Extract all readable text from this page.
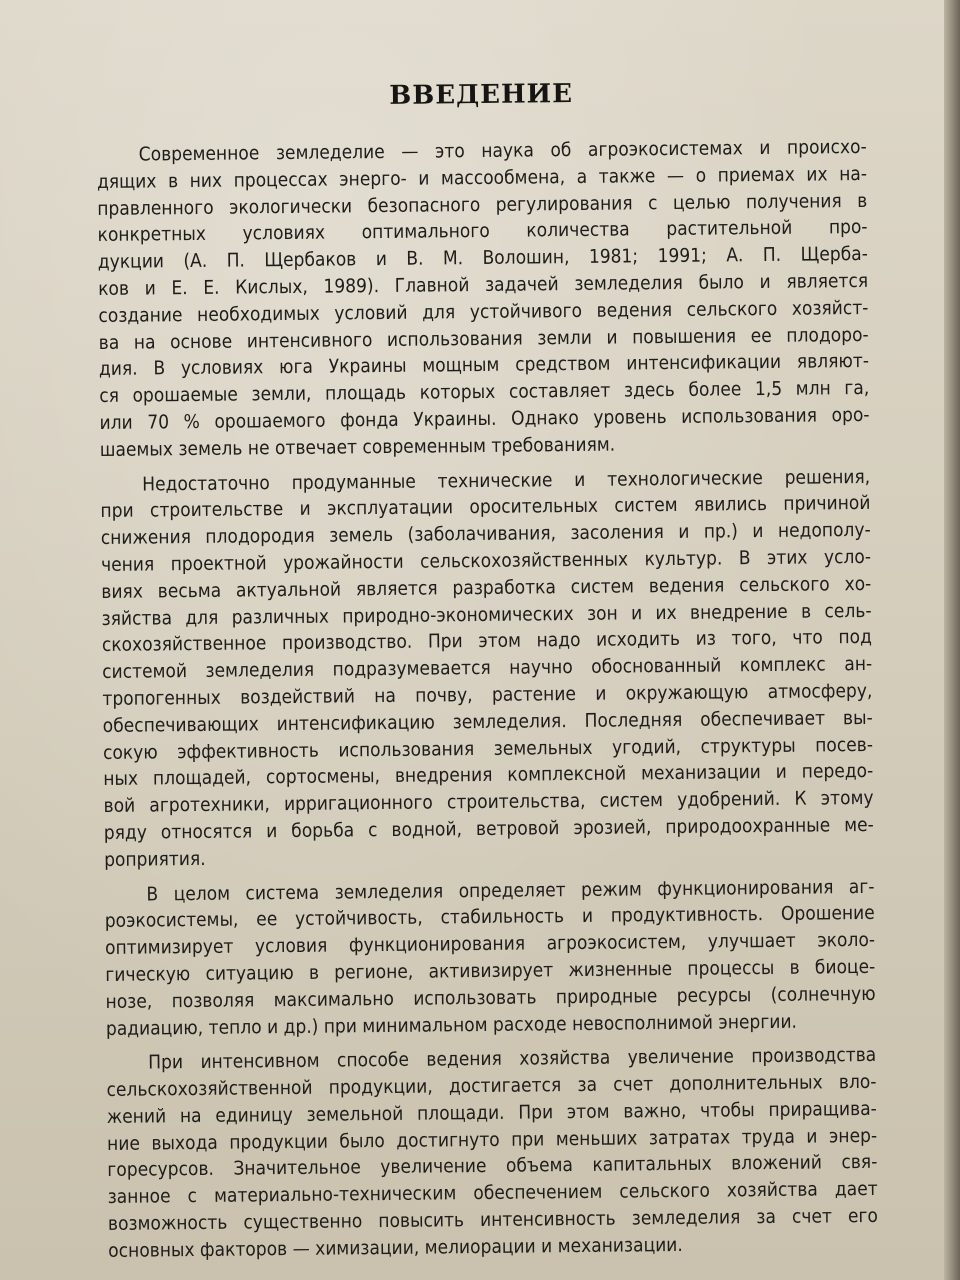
ВВЕДЕНИЕ
Современное земледелие — это наука об агроэкосистемах и происхо-
дящих в них процессах энерго- и массообмена, а также — о приемах их на-
правленного экологически безопасного регулирования с целью получения в
конкретных условиях оптимального количества растительной про-
дукции (А. П. Щербаков и В. М. Волошин, 1981; 1991; А. П. Щерба-
ков и Е. Е. Кислых, 1989). Главной задачей земледелия было и является
создание необходимых условий для устойчивого ведения сельского хозяйст-
ва на основе интенсивного использования земли и повышения ее плодоро-
дия. В условиях юга Украины мощным средством интенсификации являют-
ся орошаемые земли, площадь которых составляет здесь более 1,5 млн га,
или 70 % орошаемого фонда Украины. Однако уровень использования оро-
шаемых земель не отвечает современным требованиям.
Недостаточно продуманные технические и технологические решения,
при строительстве и эксплуатации оросительных систем явились причиной
снижения плодородия земель (заболачивания, засоления и пр.) и недополу-
чения проектной урожайности сельскохозяйственных культур. В этих усло-
виях весьма актуальной является разработка систем ведения сельского хо-
зяйства для различных природно-экономических зон и их внедрение в сель-
скохозяйственное производство. При этом надо исходить из того, что под
системой земледелия подразумевается научно обоснованный комплекс ан-
тропогенных воздействий на почву, растение и окружающую атмосферу,
обеспечивающих интенсификацию земледелия. Последняя обеспечивает вы-
сокую эффективность использования земельных угодий, структуры посев-
ных площадей, сортосмены, внедрения комплексной механизации и передо-
вой агротехники, ирригационного строительства, систем удобрений. К этому
ряду относятся и борьба с водной, ветровой эрозией, природоохранные ме-
роприятия.
В целом система земледелия определяет режим функционирования аг-
роэкосистемы, ее устойчивость, стабильность и продуктивность. Орошение
оптимизирует условия функционирования агроэкосистем, улучшает эколо-
гическую ситуацию в регионе, активизирует жизненные процессы в биоце-
нозе, позволяя максимально использовать природные ресурсы (солнечную
радиацию, тепло и др.) при минимальном расходе невосполнимой энергии.
При интенсивном способе ведения хозяйства увеличение производства
сельскохозяйственной продукции, достигается за счет дополнительных вло-
жений на единицу земельной площади. При этом важно, чтобы приращива-
ние выхода продукции было достигнуто при меньших затратах труда и энер-
горесурсов. Значительное увеличение объема капитальных вложений свя-
занное с материально-техническим обеспечением сельского хозяйства дает
возможность существенно повысить интенсивность земледелия за счет его
основных факторов — химизации, мелиорации и механизации.
